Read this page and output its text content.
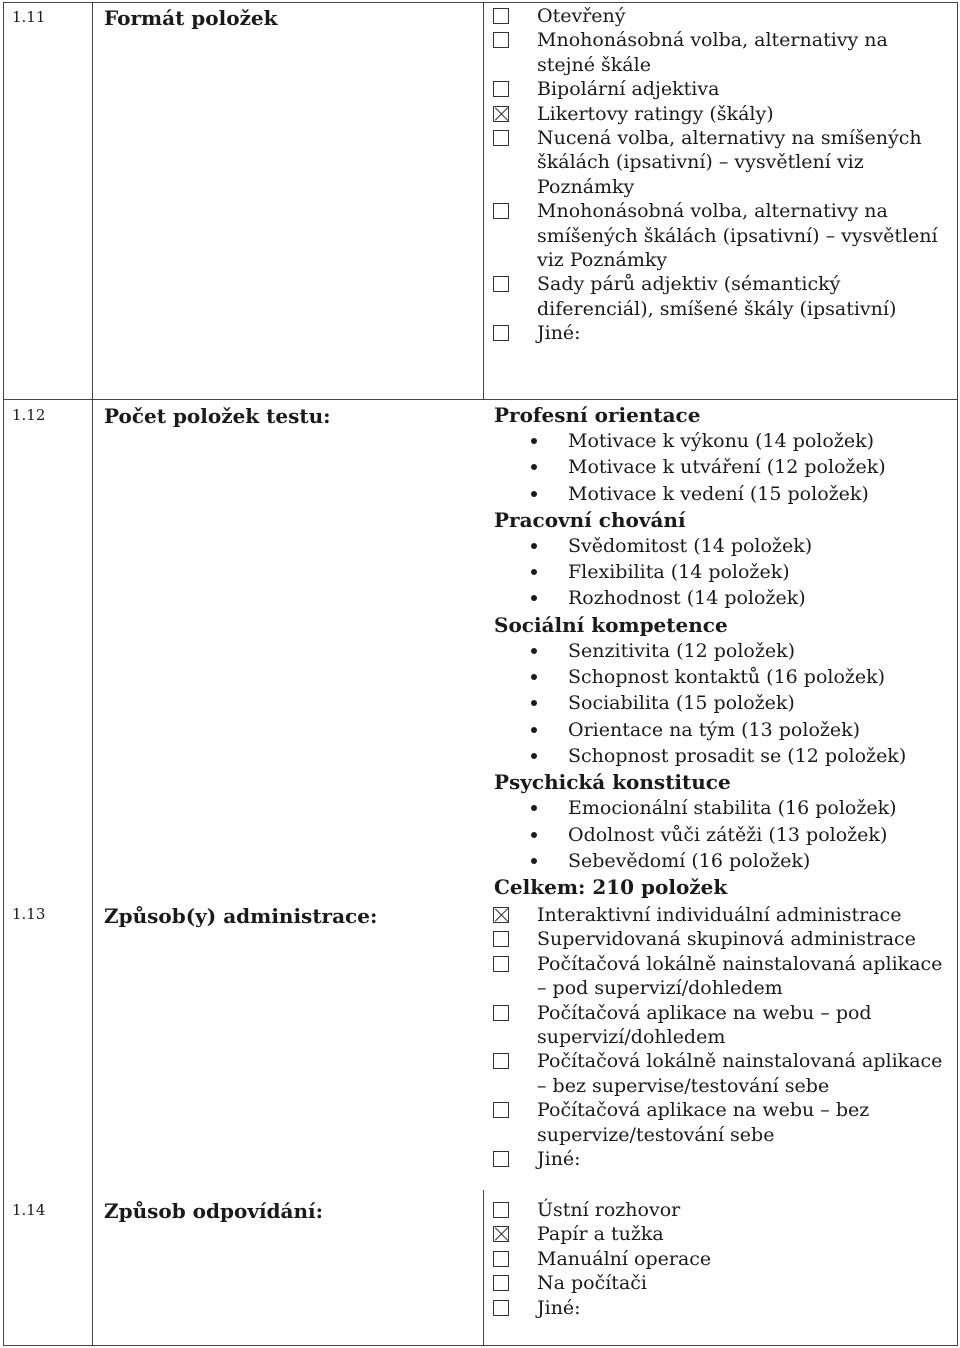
1.11	Formát položek	Otevřený
Mnohonásobná volba, alternativy na stejné škále
Bipolární adjektiva
Likertovy ratingy (škály)
Nucená volba, alternativy na smíšených škálách (ipsativní) – vysvětlení viz Poznámky
Mnohonásobná volba, alternativy na smíšených škálách (ipsativní) – vysvětlení viz Poznámky
Sady párů adjektiv (sémantický diferenciál), smíšené škály (ipsativní)
Jiné:
1.12	Počet položek testu:	Profesní orientace
Motivace k výkonu (14 položek)
Motivace k utváření (12 položek)
Motivace k vedení (15 položek)
Pracovní chování
Svědomitost (14 položek)
Flexibilita (14 položek)
Rozhodnost (14 položek)
Sociální kompetence
Senzitivita (12 položek)
Schopnost kontaktů (16 položek)
Sociabilita (15 položek)
Orientace na tým (13 položek)
Schopnost prosadit se (12 položek)
Psychická konstituce
Emocionální stabilita (16 položek)
Odolnost vůči zátěži (13 položek)
Sebevědomí (16 položek)
Celkem: 210 položek
1.13	Způsob(y) administrace:	Interaktivní individuální administrace
Supervidovaná skupinová administrace
Počítačová lokálně nainstalovaná aplikace – pod supervizí/dohledem
Počítačová aplikace na webu – pod supervizí/dohledem
Počítačová lokálně nainstalovaná aplikace – bez supervise/testování sebe
Počítačová aplikace na webu – bez supervize/testování sebe
Jiné:
1.14	Způsob odpovídání:	Ústní rozhovor
Papír a tužka
Manuální operace
Na počítači
Jiné:
